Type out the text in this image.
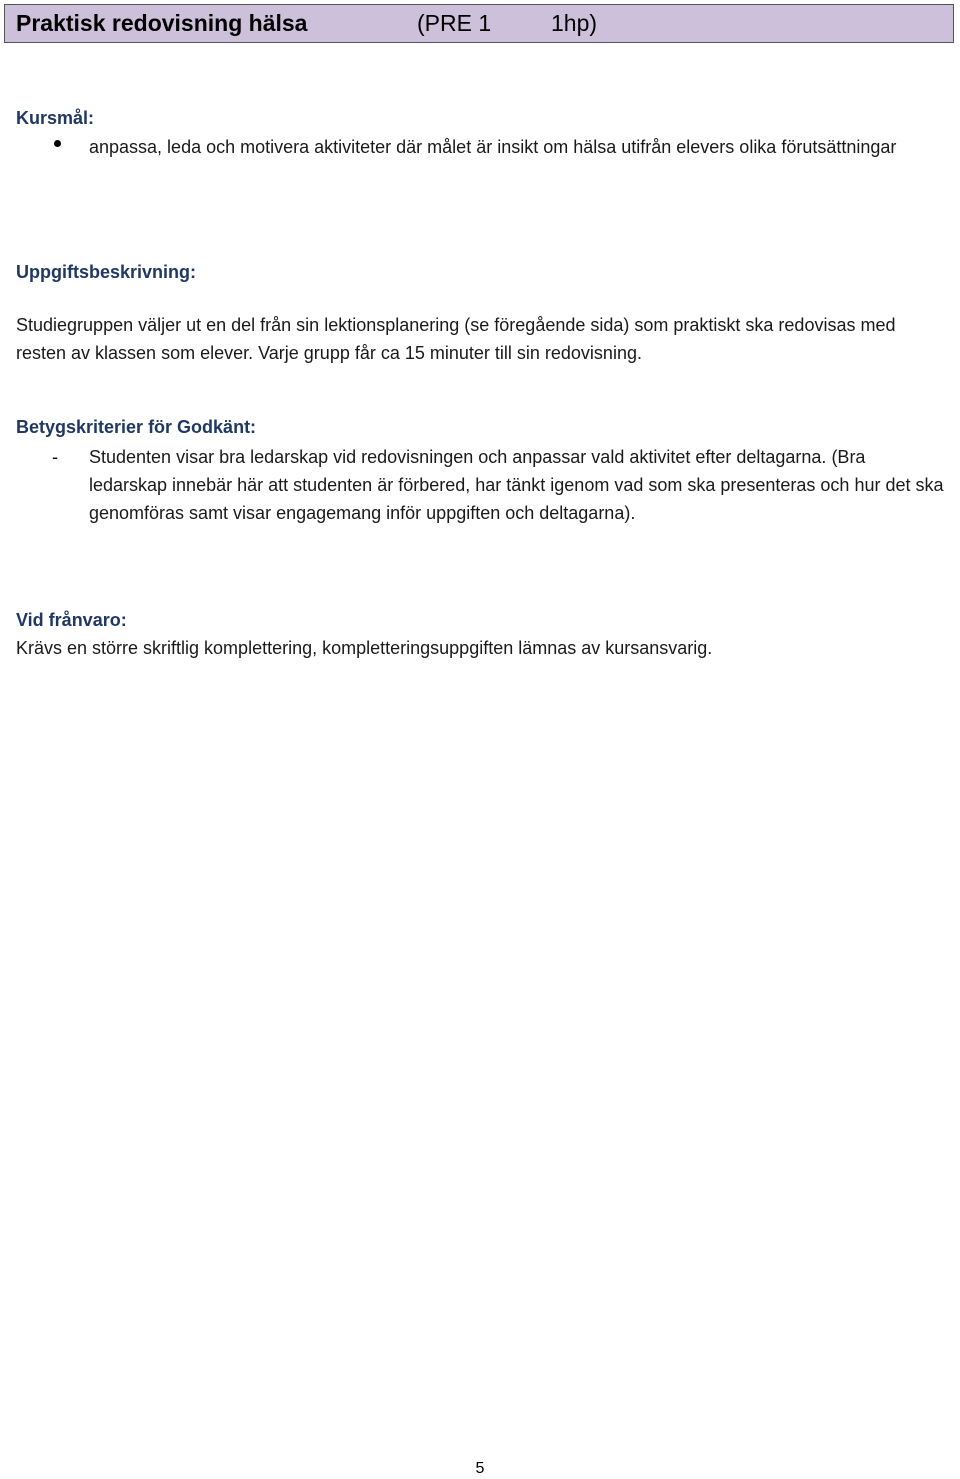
Praktisk redovisning hälsa	(PRE 1	1hp)
Kursmål:
anpassa, leda och motivera aktiviteter där målet är insikt om hälsa utifrån elevers olika förutsättningar
Uppgiftsbeskrivning:
Studiegruppen väljer ut en del från sin lektionsplanering (se föregående sida) som praktiskt ska redovisas med resten av klassen som elever. Varje grupp får ca 15 minuter till sin redovisning.
Betygskriterier för Godkänt:
- Studenten visar bra ledarskap vid redovisningen och anpassar vald aktivitet efter deltagarna. (Bra ledarskap innebär här att studenten är förbered, har tänkt igenom vad som ska presenteras och hur det ska genomföras samt visar engagemang inför uppgiften och deltagarna).
Vid frånvaro:
Krävs en större skriftlig komplettering, kompletteringsuppgiften lämnas av kursansvarig.
5
